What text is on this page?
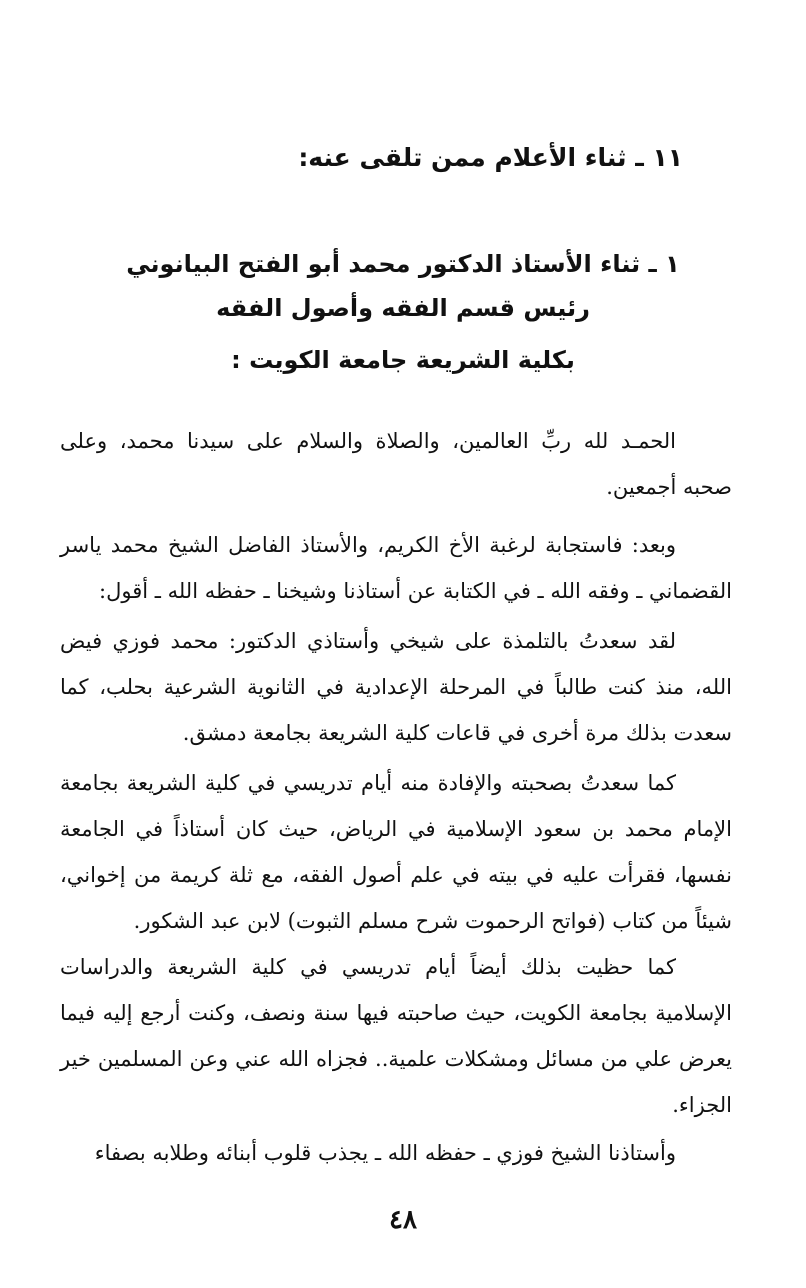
١١ ـ ثناء الأعلام ممن تلقى عنه:
١ ـ ثناء الأستاذ الدكتور محمد أبو الفتح البيانوني
رئيس قسم الفقه وأصول الفقه
بكلية الشريعة جامعة الكويت :

الحمـد لله ربِّ العالمين، والصلاة والسلام على سيدنا محمد، وعلى صحبه أجمعين.

وبعد: فاستجابة لرغبة الأخ الكريم، والأستاذ الفاضل الشيخ محمد ياسر القضماني ـ وفقه الله ـ في الكتابة عن أستاذنا وشيخنا ـ حفظه الله ـ أقول:

لقد سعدتُ بالتلمذة على شيخي وأستاذي الدكتور: محمد فوزي فيض الله، منذ كنت طالباً في المرحلة الإعدادية في الثانوية الشرعية بحلب، كما سعدت بذلك مرة أخرى في قاعات كلية الشريعة بجامعة دمشق.

كما سعدتُ بصحبته والإفادة منه أيام تدريسي في كلية الشريعة بجامعة الإمام محمد بن سعود الإسلامية في الرياض، حيث كان أستاذاً في الجامعة نفسها، فقرأت عليه في بيته في علم أصول الفقه، مع ثلة كريمة من إخواني، شيئاً من كتاب (فواتح الرحموت شرح مسلم الثبوت) لابن عبد الشكور.

كما حظيت بذلك أيضاً أيام تدريسي في كلية الشريعة والدراسات الإسلامية بجامعة الكويت، حيث صاحبته فيها سنة ونصف، وكنت أرجع إليه فيما يعرض علي من مسائل ومشكلات علمية.. فجزاه الله عني وعن المسلمين خير الجزاء.

وأستاذنا الشيخ فوزي ـ حفظه الله ـ يجذب قلوب أبنائه وطلابه بصفاء

٤٨
